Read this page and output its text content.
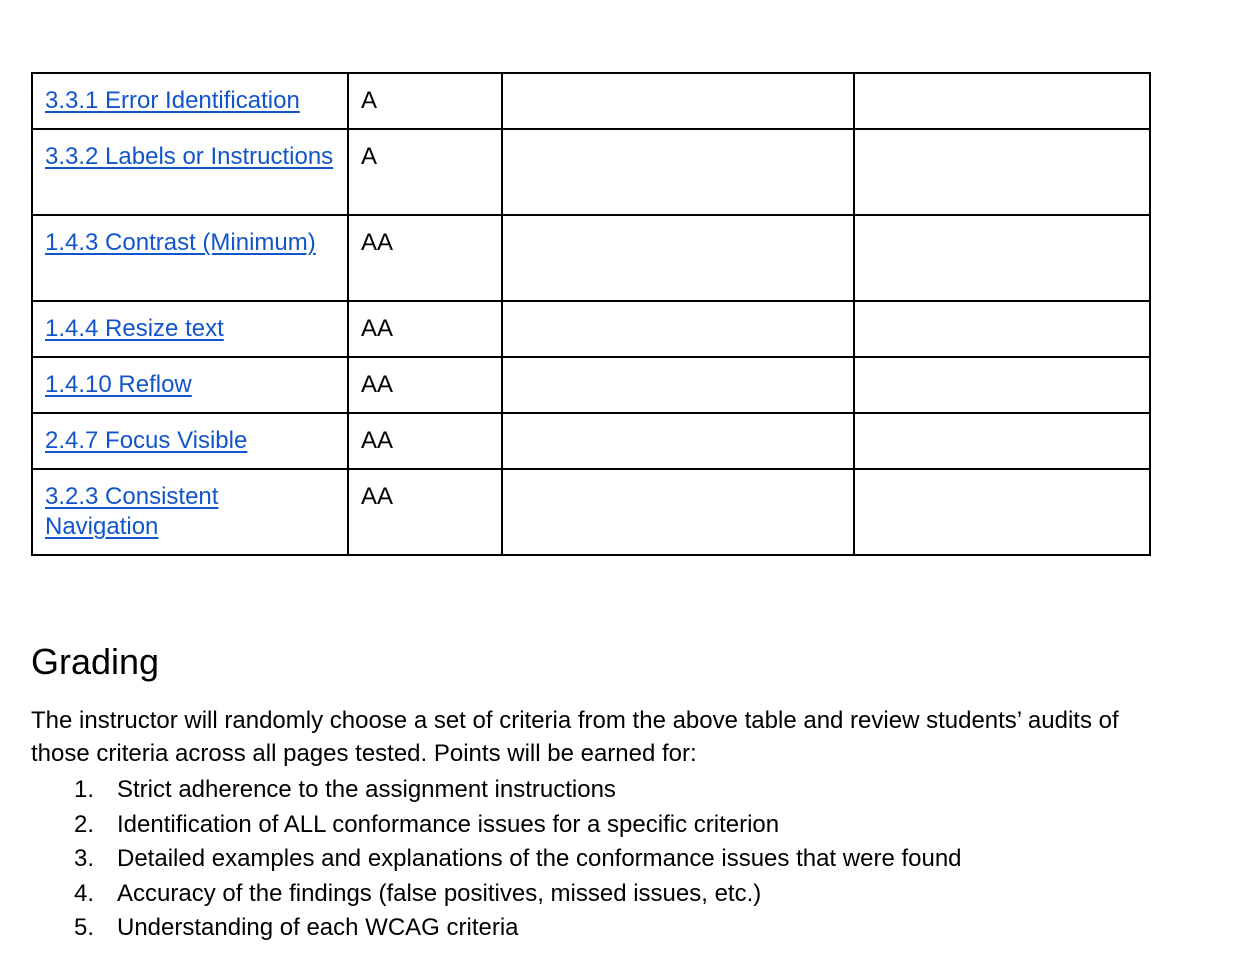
3.3.1 Error Identification	A		

3.3.2 Labels or Instructions	A		

1.4.3 Contrast (Minimum)	AA		

1.4.4 Resize text	AA		

1.4.10 Reflow	AA		

2.4.7 Focus Visible	AA		

3.2.3 Consistent Navigation	AA		

Grading

The instructor will randomly choose a set of criteria from the above table and review students’ audits of those criteria across all pages tested. Points will be earned for:

1. Strict adherence to the assignment instructions
2. Identification of ALL conformance issues for a specific criterion
3. Detailed examples and explanations of the conformance issues that were found
4. Accuracy of the findings (false positives, missed issues, etc.)
5. Understanding of each WCAG criteria
